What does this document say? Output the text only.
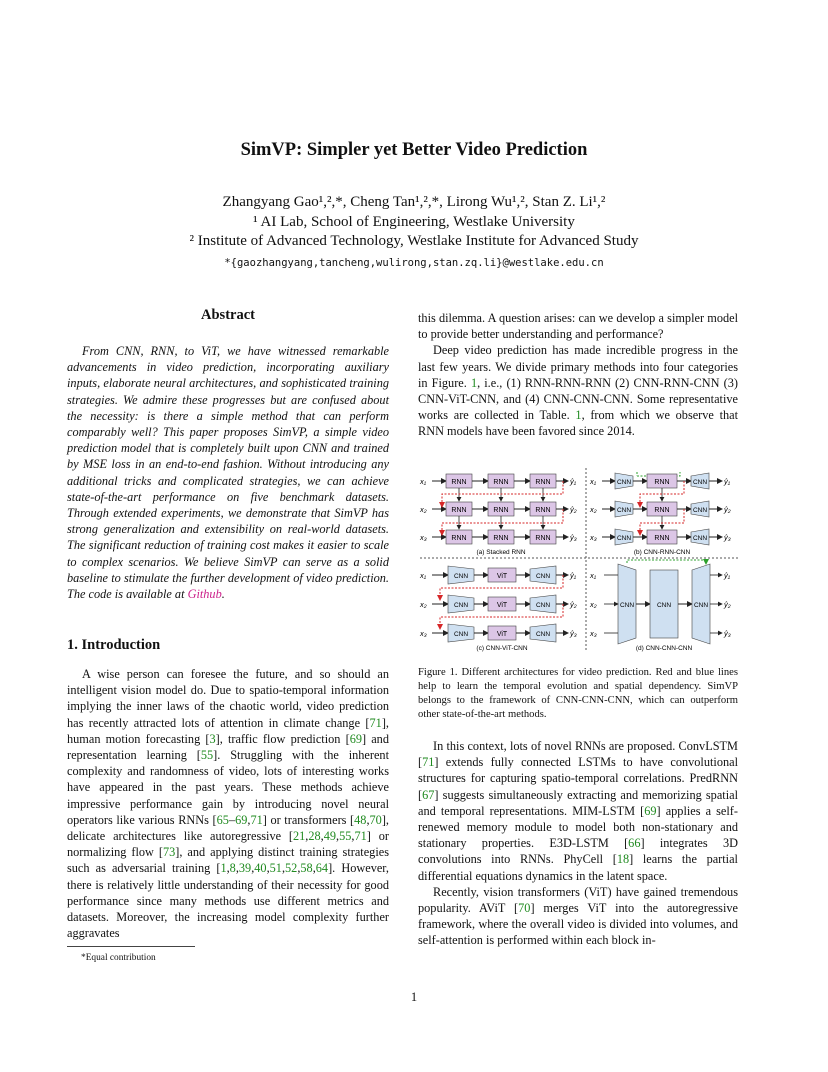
SimVP: Simpler yet Better Video Prediction
Zhangyang Gao¹,²,*, Cheng Tan¹,²,*, Lirong Wu¹,², Stan Z. Li¹,²
¹ AI Lab, School of Engineering, Westlake University
² Institute of Advanced Technology, Westlake Institute for Advanced Study
*{gaozhangyang,tancheng,wulirong,stan.zq.li}@westlake.edu.cn
Abstract

From CNN, RNN, to ViT, we have witnessed remarkable advancements in video prediction, incorporating auxiliary inputs, elaborate neural architectures, and sophisticated training strategies. We admire these progresses but are confused about the necessity: is there a simple method that can perform comparably well? This paper proposes SimVP, a simple video prediction model that is completely built upon CNN and trained by MSE loss in an end-to-end fashion. Without introducing any additional tricks and complicated strategies, we can achieve state-of-the-art performance on five benchmark datasets. Through extended experiments, we demonstrate that SimVP has strong generalization and extensibility on real-world datasets. The significant reduction of training cost makes it easier to scale to complex scenarios. We believe SimVP can serve as a solid baseline to stimulate the further development of video prediction. The code is available at Github.

1. Introduction

A wise person can foresee the future, and so should an intelligent vision model do. Due to spatio-temporal information implying the inner laws of the chaotic world, video prediction has recently attracted lots of attention in climate change [71], human motion forecasting [3], traffic flow prediction [69] and representation learning [55]. Struggling with the inherent complexity and randomness of video, lots of interesting works have appeared in the past years. These methods achieve impressive performance gain by introducing novel neural operators like various RNNs [65–69,71] or transformers [48,70], delicate architectures like autoregressive [21,28,49,55,71] or normalizing flow [73], and applying distinct training strategies such as adversarial training [1,8,39,40,51,52,58,64]. However, there is relatively little understanding of their necessity for good performance since many methods use different metrics and datasets. Moreover, the increasing model complexity further aggravates

*Equal contribution

this dilemma. A question arises: can we develop a simpler model to provide better understanding and performance?

Deep video prediction has made incredible progress in the last few years. We divide primary methods into four categories in Figure. 1, i.e., (1) RNN-RNN-RNN (2) CNN-RNN-CNN (3) CNN-ViT-CNN, and (4) CNN-CNN-CNN. Some representative works are collected in Table. 1, from which we observe that RNN models have been favored since 2014.

x₁	RNN	RNN	RNN	ŷ₁
x₂	RNN	RNN	RNN	ŷ₂
x₃	RNN	RNN	RNN	ŷ₃
(a) Stacked RNN
x₁	CNN	RNN	CNN ŷ₁
x₂	CNN	RNN	CNN ŷ₂
x₃	CNN	RNN	CNN ŷ₃
(b) CNN-RNN-CNN
x₁	CNN	ViT	CNN	ŷ₁
x₂	CNN	ViT	CNN	ŷ₂
x₃	CNN	ViT	CNN	ŷ₃
(c) CNN-ViT-CNN
x₁
x₂
x₃
CNN	CNN	CNN
ŷ₁
ŷ₂
ŷ₃
(d) CNN-CNN-CNN
Figure 1. Different architectures for video prediction. Red and blue lines help to learn the temporal evolution and spatial dependency. SimVP belongs to the framework of CNN-CNN-CNN, which can outperform other state-of-the-art methods.

In this context, lots of novel RNNs are proposed. ConvLSTM [71] extends fully connected LSTMs to have convolutional structures for capturing spatio-temporal correlations. PredRNN [67] suggests simultaneously extracting and memorizing spatial and temporal representations. MIM-LSTM [69] applies a self-renewed memory module to model both non-stationary and stationary properties. E3D-LSTM [66] integrates 3D convolutions into RNNs. PhyCell [18] learns the partial differential equations dynamics in the latent space.

Recently, vision transformers (ViT) have gained tremendous popularity. AViT [70] merges ViT into the autoregressive framework, where the overall video is divided into volumes, and self-attention is performed within each block in-

1
